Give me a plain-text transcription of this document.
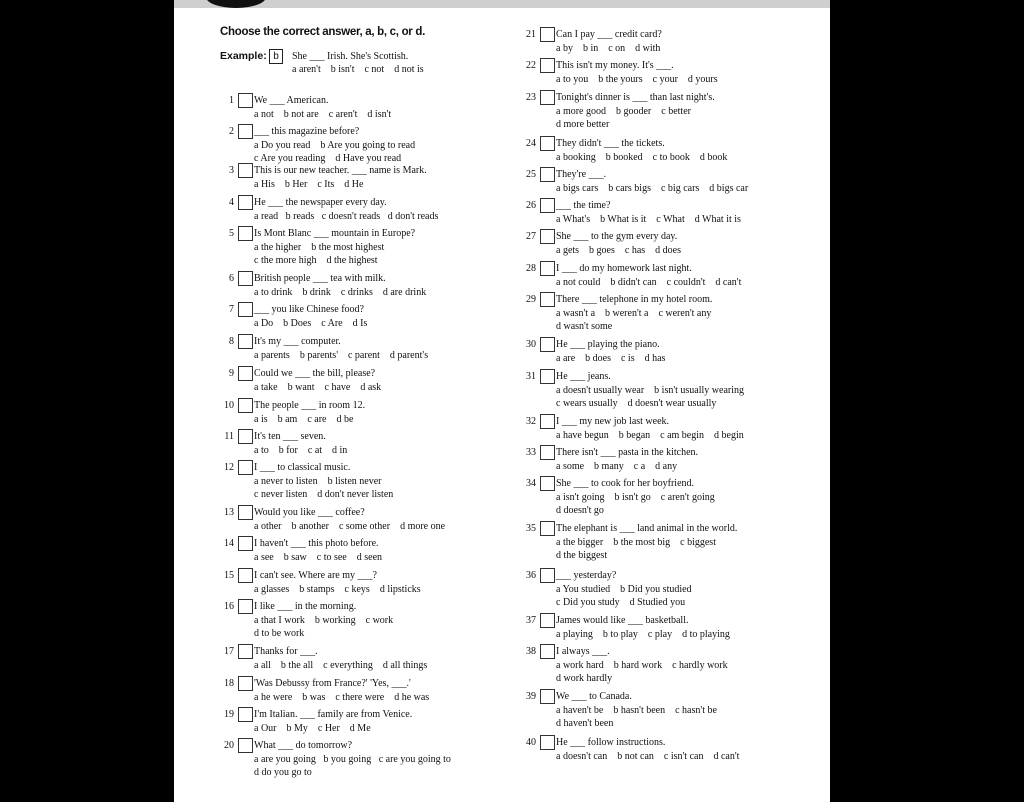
Choose the correct answer, a, b, c, or d.
Example: b	She ___ Irish. She's Scottish.
a aren't    b isn't    c not    d not is
1 We ___ American.
a not    b not are    c aren't    d isn't
2 ___ this magazine before?
a Do you read    b Are you going to read
c Are you reading    d Have you read
3 This is our new teacher. ___ name is Mark.
a His    b Her    c Its    d He
4 He ___ the newspaper every day.
a read   b reads   c doesn't reads   d don't reads
5 Is Mont Blanc ___ mountain in Europe?
a the higher    b the most highest
c the more high    d the highest
6 British people ___ tea with milk.
a to drink    b drink    c drinks    d are drink
7 ___ you like Chinese food?
a Do    b Does    c Are    d Is
8 It's my ___ computer.
a parents    b parents'    c parent    d parent's
9 Could we ___ the bill, please?
a take    b want    c have    d ask
10 The people ___ in room 12.
a is    b am    c are    d be
11 It's ten ___ seven.
a to    b for    c at    d in
12 I ___ to classical music.
a never to listen    b listen never
c never listen    d don't never listen
13 Would you like ___ coffee?
a other    b another    c some other    d more one
14 I haven't ___ this photo before.
a see    b saw    c to see    d seen
15 I can't see. Where are my ___?
a glasses    b stamps    c keys    d lipsticks
16 I like ___ in the morning.
a that I work    b working    c work
d to be work
17 Thanks for ___.
a all    b the all    c everything    d all things
18 'Was Debussy from France?' 'Yes, ___.'
a he were    b was    c there were    d he was
19 I'm Italian. ___ family are from Venice.
a Our    b My    c Her    d Me
20 What ___ do tomorrow?
a are you going   b you going   c are you going to
d do you go to
21 Can I pay ___ credit card?
a by    b in    c on    d with
22 This isn't my money. It's ___.
a to you    b the yours    c your    d yours
23 Tonight's dinner is ___ than last night's.
a more good    b gooder    c better
d more better
24 They didn't ___ the tickets.
a booking    b booked    c to book    d book
25 They're ___.
a bigs cars    b cars bigs    c big cars    d bigs car
26 ___ the time?
a What's    b What is it    c What    d What it is
27 She ___ to the gym every day.
a gets    b goes    c has    d does
28 I ___ do my homework last night.
a not could    b didn't can    c couldn't    d can't
29 There ___ telephone in my hotel room.
a wasn't a    b weren't a    c weren't any
d wasn't some
30 He ___ playing the piano.
a are    b does    c is    d has
31 He ___ jeans.
a doesn't usually wear    b isn't usually wearing
c wears usually    d doesn't wear usually
32 I ___ my new job last week.
a have begun    b began    c am begin    d begin
33 There isn't ___ pasta in the kitchen.
a some    b many    c a    d any
34 She ___ to cook for her boyfriend.
a isn't going    b isn't go    c aren't going
d doesn't go
35 The elephant is ___ land animal in the world.
a the bigger    b the most big    c biggest
d the biggest
36 ___ yesterday?
a You studied    b Did you studied
c Did you study    d Studied you
37 James would like ___ basketball.
a playing    b to play    c play    d to playing
38 I always ___.
a work hard    b hard work    c hardly work
d work hardly
39 We ___ to Canada.
a haven't be    b hasn't been    c hasn't be
d haven't been
40 He ___ follow instructions.
a doesn't can    b not can    c isn't can    d can't
